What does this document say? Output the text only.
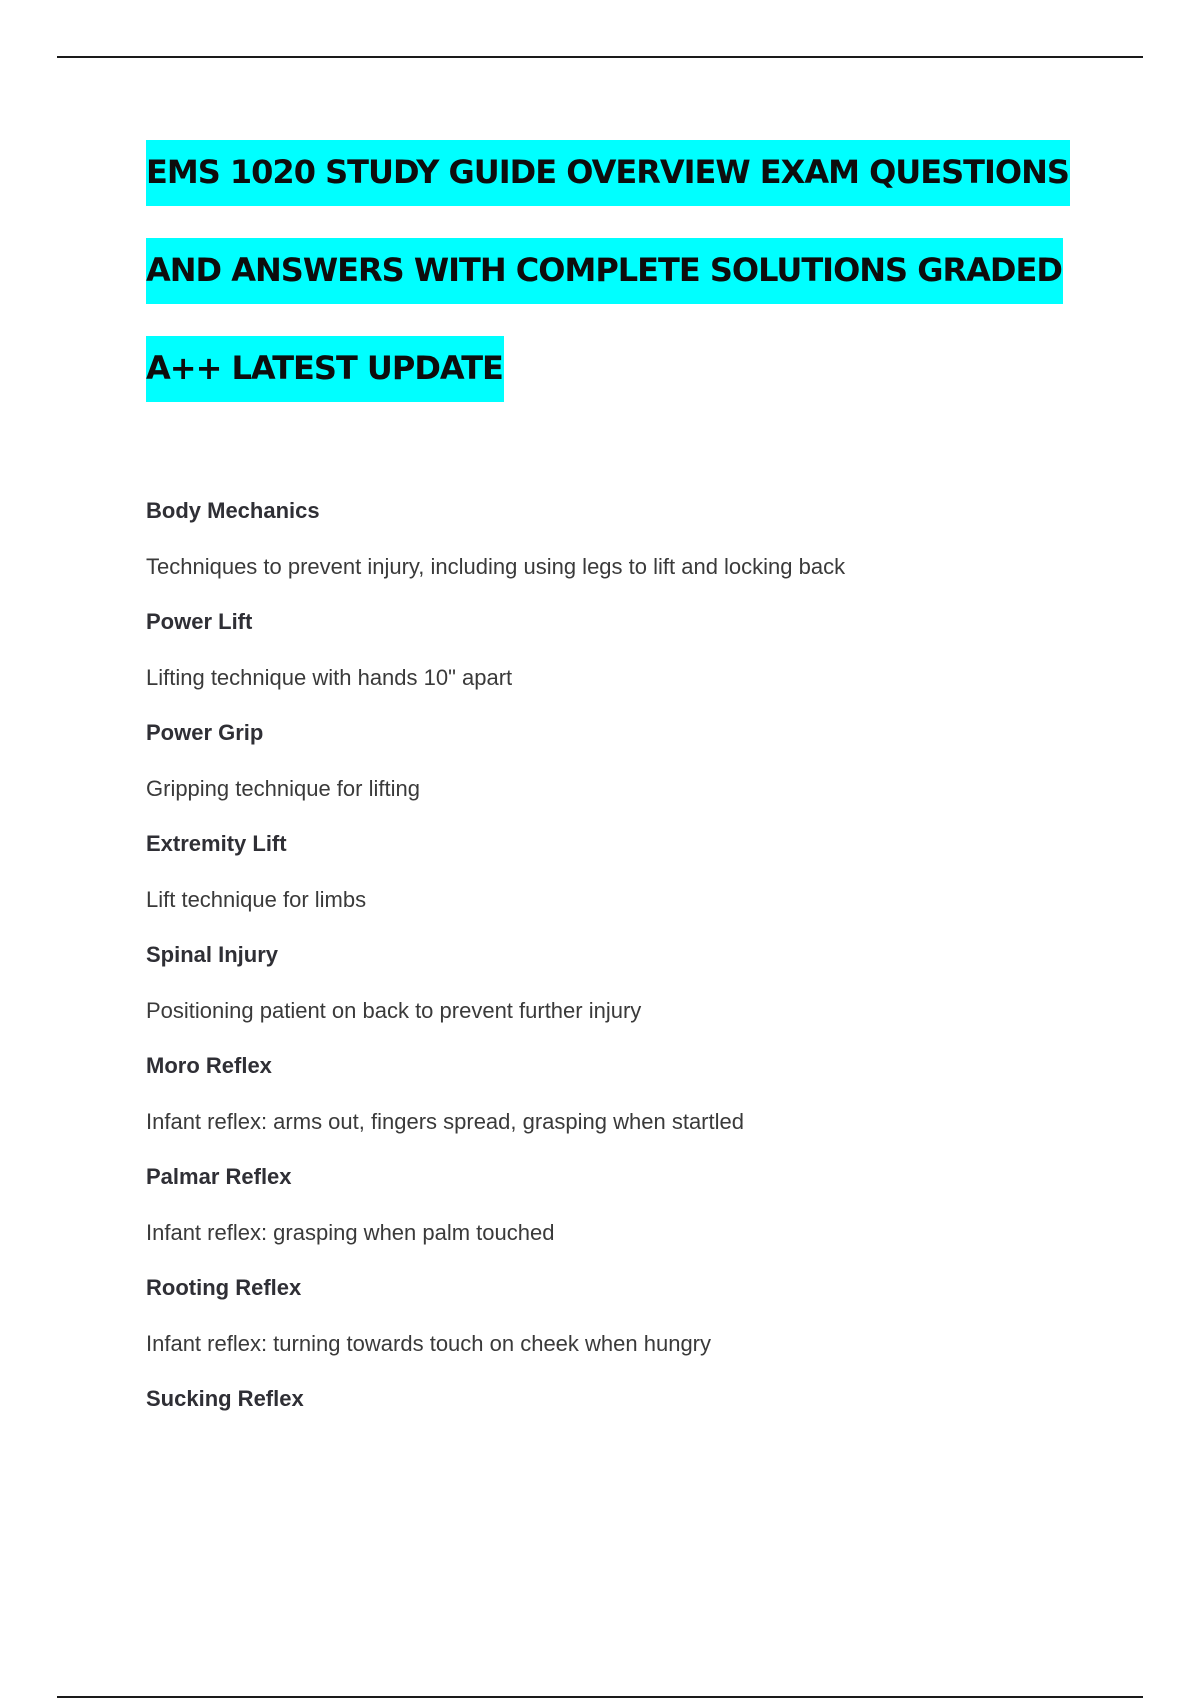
EMS 1020 STUDY GUIDE OVERVIEW EXAM QUESTIONS
AND ANSWERS WITH COMPLETE SOLUTIONS GRADED
A++ LATEST UPDATE
Body Mechanics
Techniques to prevent injury, including using legs to lift and locking back
Power Lift
Lifting technique with hands 10" apart
Power Grip
Gripping technique for lifting
Extremity Lift
Lift technique for limbs
Spinal Injury
Positioning patient on back to prevent further injury
Moro Reflex
Infant reflex: arms out, fingers spread, grasping when startled
Palmar Reflex
Infant reflex: grasping when palm touched
Rooting Reflex
Infant reflex: turning towards touch on cheek when hungry
Sucking Reflex
